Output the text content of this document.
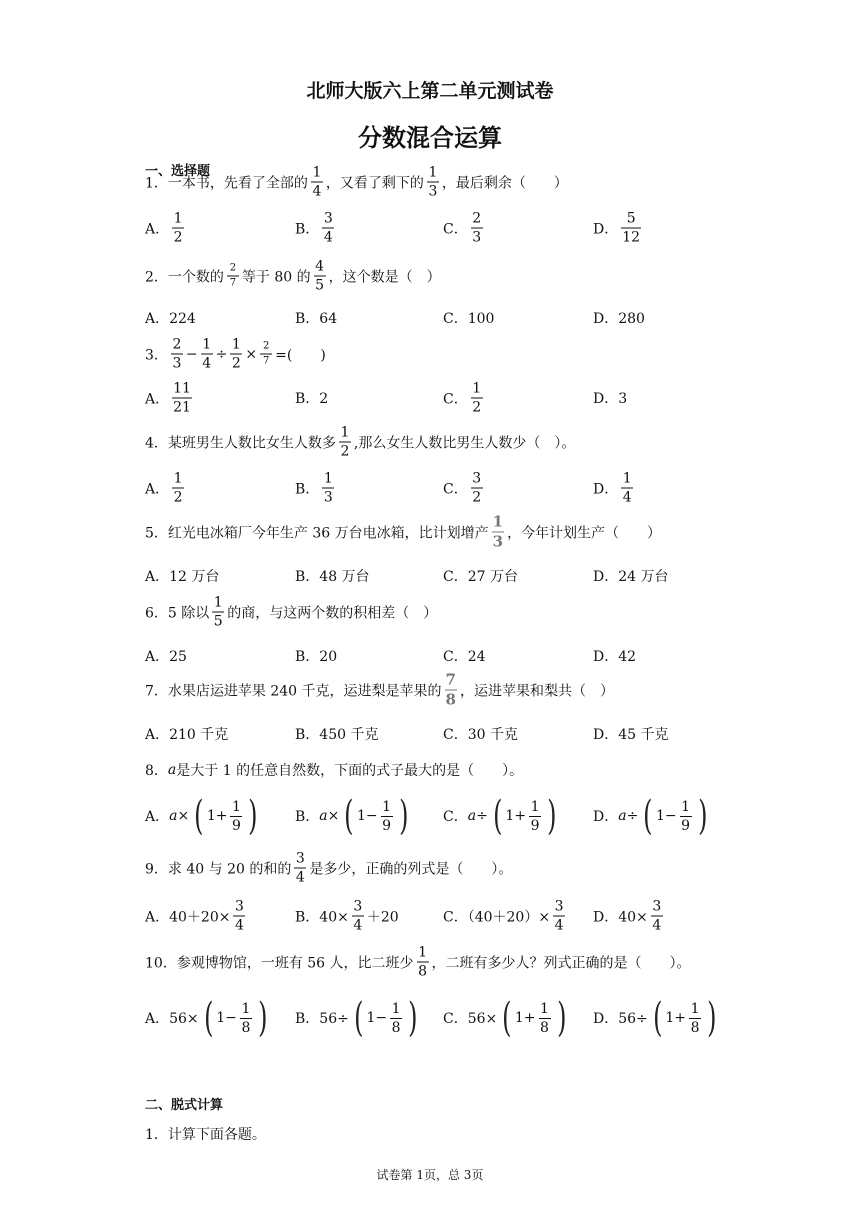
北师大版六上第二单元测试卷
分数混合运算
一、选择题
1．一本书，先看了全部的 $\frac{1}{4}$ ，又看了剩下的 $\frac{1}{3}$ ，最后剩余（　　）
A． $\frac{1}{2}$	B． $\frac{3}{4}$	C． $\frac{2}{3}$	D． $\frac{5}{12}$
2．一个数的 $\frac{2}{7}$ 等于 80 的 $\frac{4}{5}$ ，这个数是（　）
A．224	B．64	C．100	D．280
3． $\frac{2}{3} - \frac{1}{4} \div \frac{1}{2} \times \frac{2}{7}$ =(　　)
A． $\frac{11}{21}$	B．2	C． $\frac{1}{2}$	D．3
4．某班男生人数比女生人数多 $\frac{1}{2}$ ,那么女生人数比男生人数少（　）。
A． $\frac{1}{2}$	B． $\frac{1}{3}$	C． $\frac{3}{2}$	D． $\frac{1}{4}$
5．红光电冰箱厂今年生产 36 万台电冰箱，比计划增产 $\frac{1}{3}$ ，今年计划生产（　　）
A．12 万台	B．48 万台	C．27 万台	D．24 万台
6．5 除以 $\frac{1}{5}$ 的商，与这两个数的积相差（　）
A．25	B．20	C．24	D．42
7．水果店运进苹果 240 千克，运进梨是苹果的 $\frac{7}{8}$ ，运进苹果和梨共（　）
A．210 千克	B．450 千克	C．30 千克	D．45 千克
8． a 是大于 1 的任意自然数，下面的式子最大的是（　　）。
A． a × ( $1+ \frac{1}{9}$ )	B． a × ( $1- \frac{1}{9}$ ) C． a ÷ ( $1+ \frac{1}{9}$ )	D． a ÷ ( $1- \frac{1}{9}$ )
9．求 40 与 20 的和的 $\frac{3}{4}$ 是多少，正确的列式是（　　）。
A．$40+20\times \frac{3}{4}$	B．$40\times \frac{3}{4} +20$	C．$(40+20)\times \frac{3}{4}$ D．$40\times \frac{3}{4}$
10．参观博物馆，一班有 56 人，比二班少 $\frac{1}{8}$ ，二班有多少人？列式正确的是（　　）。
A．56× ( $1- \frac{1}{8}$ ) B．56÷ ( $1- \frac{1}{8}$ ) C．56× ( $1+ \frac{1}{8}$ ) D．56÷ ( $1+ \frac{1}{8}$ )
二、脱式计算
1．计算下面各题。
试卷第 1页，总 3页
